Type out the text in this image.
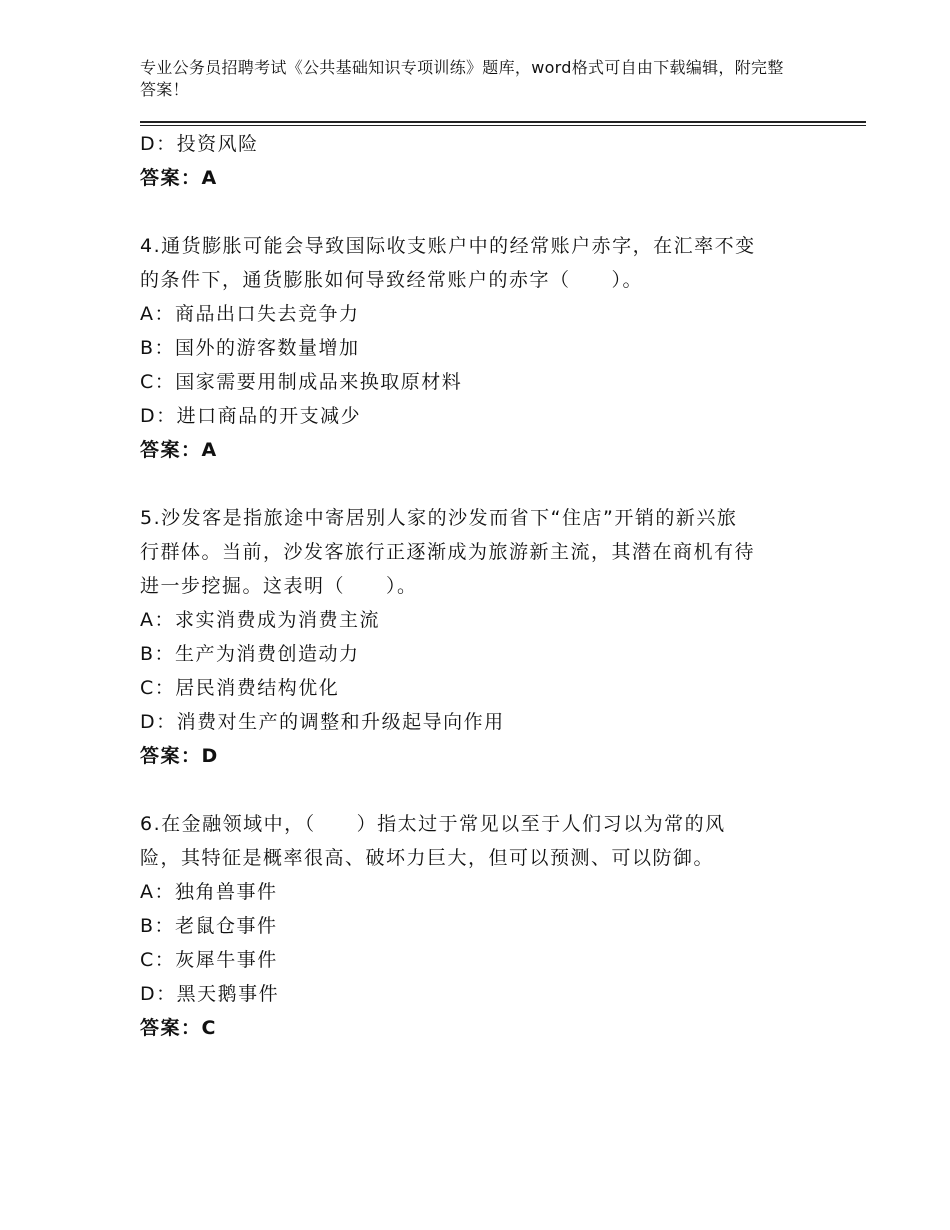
专业公务员招聘考试《公共基础知识专项训练》题库，word格式可自由下载编辑，附完整答案！
D：投资风险
答案：A
4.通货膨胀可能会导致国际收支账户中的经常账户赤字，在汇率不变
的条件下，通货膨胀如何导致经常账户的赤字（　　）。
A：商品出口失去竞争力
B：国外的游客数量增加
C：国家需要用制成品来换取原材料
D：进口商品的开支减少
答案：A
5.沙发客是指旅途中寄居别人家的沙发而省下“住店”开销的新兴旅
行群体。当前，沙发客旅行正逐渐成为旅游新主流，其潜在商机有待
进一步挖掘。这表明（　　）。
A：求实消费成为消费主流
B：生产为消费创造动力
C：居民消费结构优化
D：消费对生产的调整和升级起导向作用
答案：D
6.在金融领域中，（　　）指太过于常见以至于人们习以为常的风
险，其特征是概率很高、破坏力巨大，但可以预测、可以防御。
A：独角兽事件
B：老鼠仓事件
C：灰犀牛事件
D：黑天鹅事件
答案：C
